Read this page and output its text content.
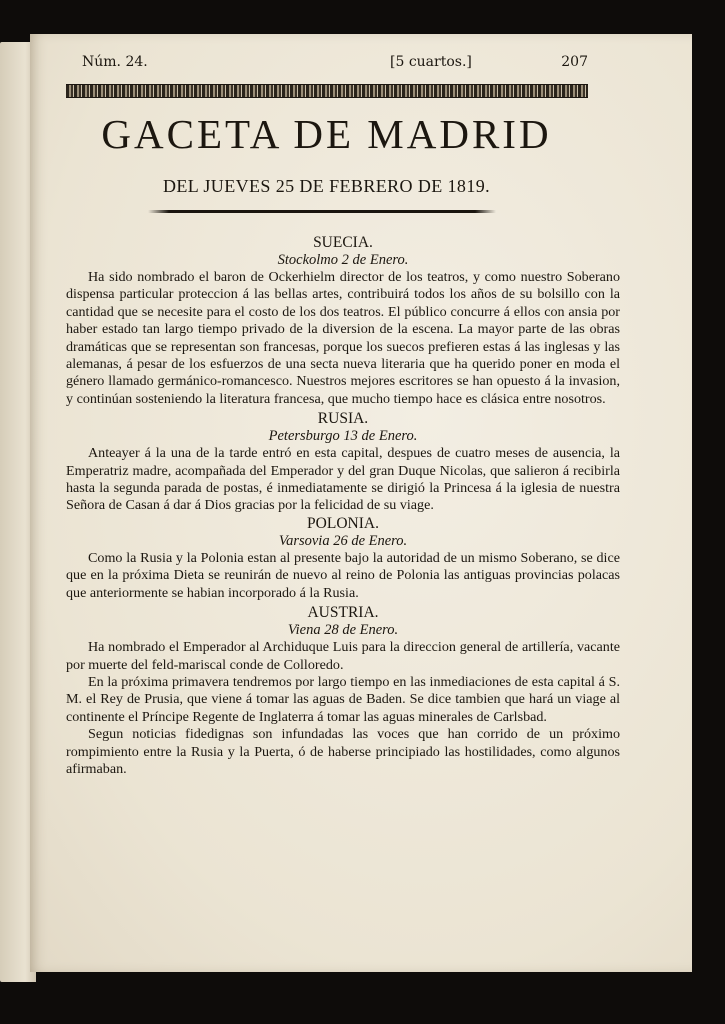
Núm. 24.	[5 cuartos.]	207
GACETA DE MADRID
DEL JUEVES 25 DE FEBRERO DE 1819.

SUECIA.

Stockolmo 2 de Enero.

Ha sido nombrado el baron de Ockerhielm director de los teatros, y como nuestro Soberano dispensa particular proteccion á las bellas artes, contribuirá todos los años de su bolsillo con la cantidad que se necesite para el costo de los dos teatros. El público concurre á ellos con ansia por haber estado tan largo tiempo privado de la diversion de la escena. La mayor parte de las obras dramáticas que se representan son francesas, porque los suecos prefieren estas á las inglesas y las alemanas, á pesar de los esfuerzos de una secta nueva literaria que ha querido poner en moda el género llamado germánico-romancesco. Nuestros mejores escritores se han opuesto á la invasion, y continúan sosteniendo la literatura francesa, que mucho tiempo hace es clásica entre nosotros.

RUSIA.

Petersburgo 13 de Enero.

Anteayer á la una de la tarde entró en esta capital, despues de cuatro meses de ausencia, la Emperatriz madre, acompañada del Emperador y del gran Duque Nicolas, que salieron á recibirla hasta la segunda parada de postas, é inmediatamente se dirigió la Princesa á la iglesia de nuestra Señora de Casan á dar á Dios gracias por la felicidad de su viage.

POLONIA.

Varsovia 26 de Enero.

Como la Rusia y la Polonia estan al presente bajo la autoridad de un mismo Soberano, se dice que en la próxima Dieta se reunirán de nuevo al reino de Polonia las antiguas provincias polacas que anteriormente se habian incorporado á la Rusia.

AUSTRIA.

Viena 28 de Enero.

Ha nombrado el Emperador al Archiduque Luis para la direccion general de artillería, vacante por muerte del feld-mariscal conde de Colloredo.

En la próxima primavera tendremos por largo tiempo en las inmediaciones de esta capital á S. M. el Rey de Prusia, que viene á tomar las aguas de Baden. Se dice tambien que hará un viage al continente el Príncipe Regente de Inglaterra á tomar las aguas minerales de Carlsbad.

Segun noticias fidedignas son infundadas las voces que han corrido de un próximo rompimiento entre la Rusia y la Puerta, ó de haberse principiado las hostilidades, como algunos afirmaban.
